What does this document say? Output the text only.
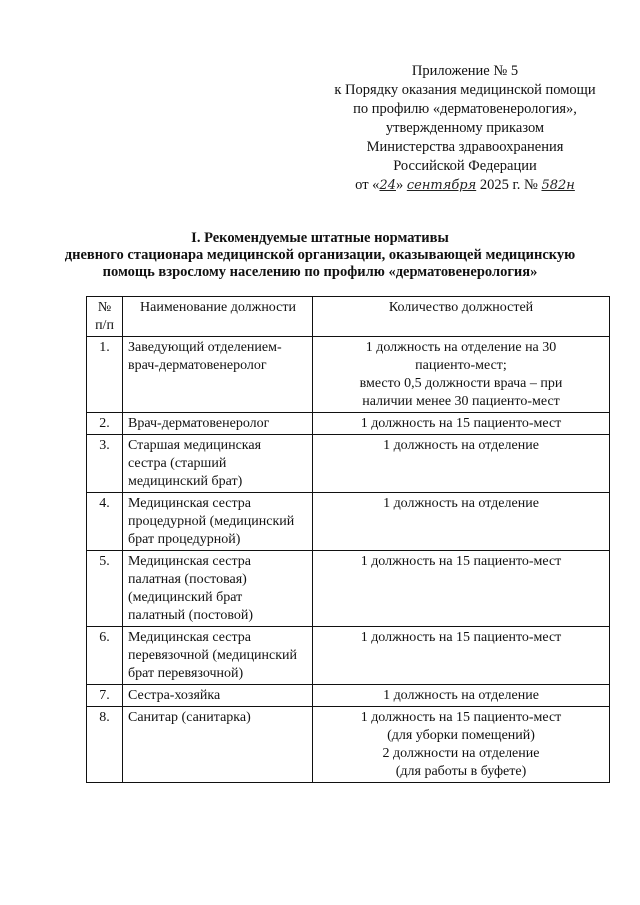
Приложение № 5
к Порядку оказания медицинской помощи
по профилю «дерматовенерология»,
утвержденному приказом
Министерства здравоохранения
Российской Федерации
от «24» сентября 2025 г. № 582н
I. Рекомендуемые штатные нормативы
дневного стационара медицинской организации, оказывающей медицинскую
помощь взрослому населению по профилю «дерматовенерология»
№ п/п	Наименование должности	Количество должностей
1.	Заведующий отделением-
врач-дерматовенеролог	1 должность на отделение на 30
пациенто-мест;
вместо 0,5 должности врача – при
наличии менее 30 пациенто-мест

2.	Врач-дерматовенеролог	1 должность на 15 пациенто-мест

3.	Старшая медицинская
сестра (старший
медицинский брат)	1 должность на отделение

4.	Медицинская сестра
процедурной (медицинский
брат процедурной)	1 должность на отделение

5.	Медицинская сестра
палатная (постовая)
(медицинский брат
палатный (постовой)	1 должность на 15 пациенто-мест

6.	Медицинская сестра
перевязочной (медицинский
брат перевязочной)	1 должность на 15 пациенто-мест

7.	Сестра-хозяйка	1 должность на отделение

8.	Санитар (санитарка)	1 должность на 15 пациенто-мест
(для уборки помещений)
2 должности на отделение
(для работы в буфете)
